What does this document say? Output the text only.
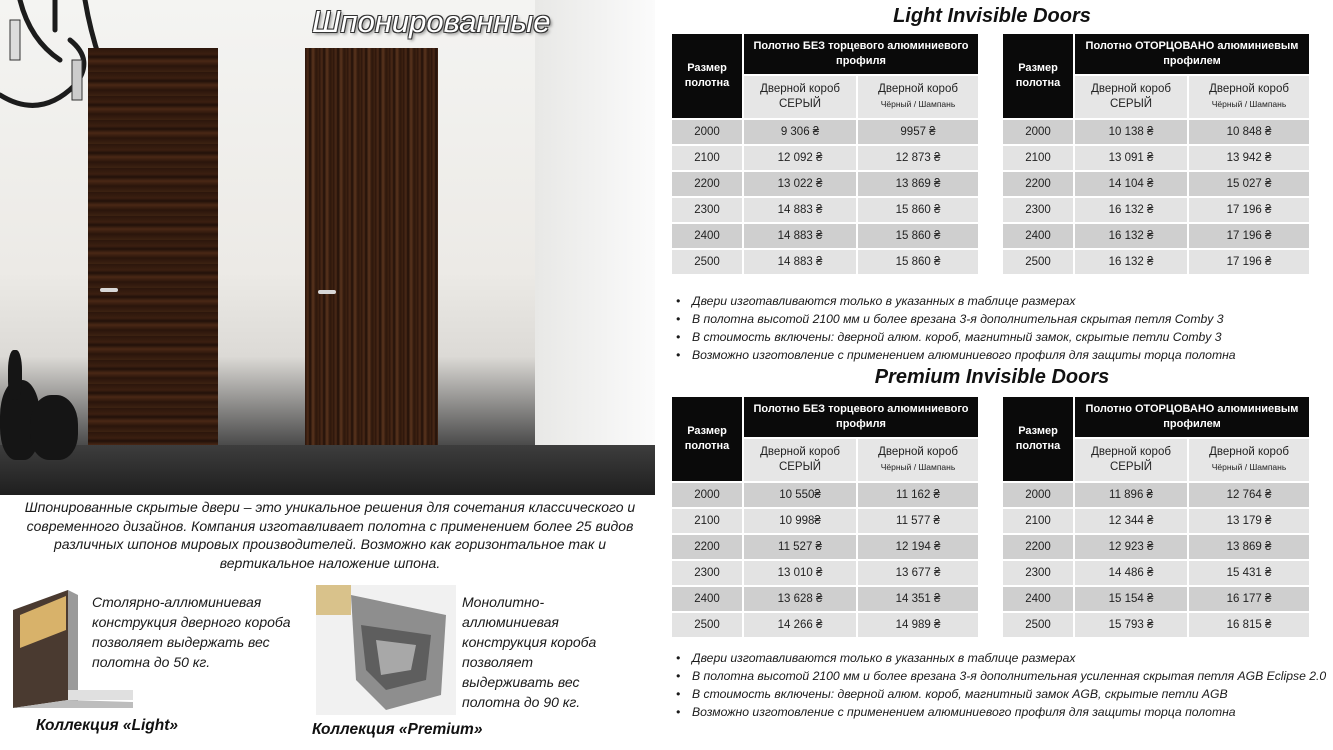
Шпонированные
Шпонированные скрытые двери – это уникальное решения для сочетания классического и современного дизайнов. Компания изготавливает полотна с применением более 25 видов различных шпонов мировых производителей. Возможно как горизонтальное так и вертикальное наложение шпона.
Столярно-аллюминиевая конструкция дверного короба позволяет выдержать вес полотна до 50 кг.
Коллекция «Light»
Монолитно-аллюминиевая конструкция короба позволяет выдерживать вес полотна до 90 кг.
Коллекция «Premium»
Light Invisible Doors
Размер полотна	Полотно БЕЗ торцевого алюминиевого профиля	
	Дверной короб СЕРЫЙ	Дверной короб
Чёрный / Шампань

2000	9 306 ₴	9957 ₴
2100	12 092 ₴	12 873 ₴
2200	13 022 ₴	13 869 ₴
2300	14 883 ₴	15 860 ₴
2400	14 883 ₴	15 860 ₴
2500	14 883 ₴	15 860 ₴
Размер полотна	Полотно ОТОРЦОВАНО алюминиевым профилем	
	Дверной короб СЕРЫЙ	Дверной короб
Чёрный / Шампань

2000	10 138 ₴	10 848 ₴
2100	13 091 ₴	13 942 ₴
2200	14 104 ₴	15 027 ₴
2300	16 132 ₴	17 196 ₴
2400	16 132 ₴	17 196 ₴
2500	16 132 ₴	17 196 ₴
• Двери изготавливаются только в указанных в таблице размерах
• В полотна высотой 2100 мм и более врезана 3-я дополнительная скрытая петля Comby 3
• В стоимость включены: дверной алюм. короб, магнитный замок, скрытые петли Comby 3
• Возможно изготовление с применением алюминиевого профиля для защиты торца полотна
Premium Invisible Doors
Размер полотна	Полотно БЕЗ торцевого алюминиевого профиля	
	Дверной короб СЕРЫЙ	Дверной короб
Чёрный / Шампань

2000	10 550₴	11 162 ₴
2100	10 998₴	11 577 ₴
2200	11 527 ₴	12 194 ₴
2300	13 010 ₴	13 677 ₴
2400	13 628 ₴	14 351 ₴
2500	14 266 ₴	14 989 ₴
Размер полотна	Полотно ОТОРЦОВАНО алюминиевым профилем	
	Дверной короб СЕРЫЙ	Дверной короб
Чёрный / Шампань

2000	11 896 ₴	12 764 ₴
2100	12 344 ₴	13 179 ₴
2200	12 923 ₴	13 869 ₴
2300	14 486 ₴	15 431 ₴
2400	15 154 ₴	16 177 ₴
2500	15 793 ₴	16 815 ₴
• Двери изготавливаются только в указанных в таблице размерах
• В полотна высотой 2100 мм и более врезана 3-я дополнительная усиленная скрытая петля AGB Eclipse 2.0
• В стоимость включены: дверной алюм. короб, магнитный замок AGB, скрытые петли AGB
• Возможно изготовление с применением алюминиевого профиля для защиты торца полотна
